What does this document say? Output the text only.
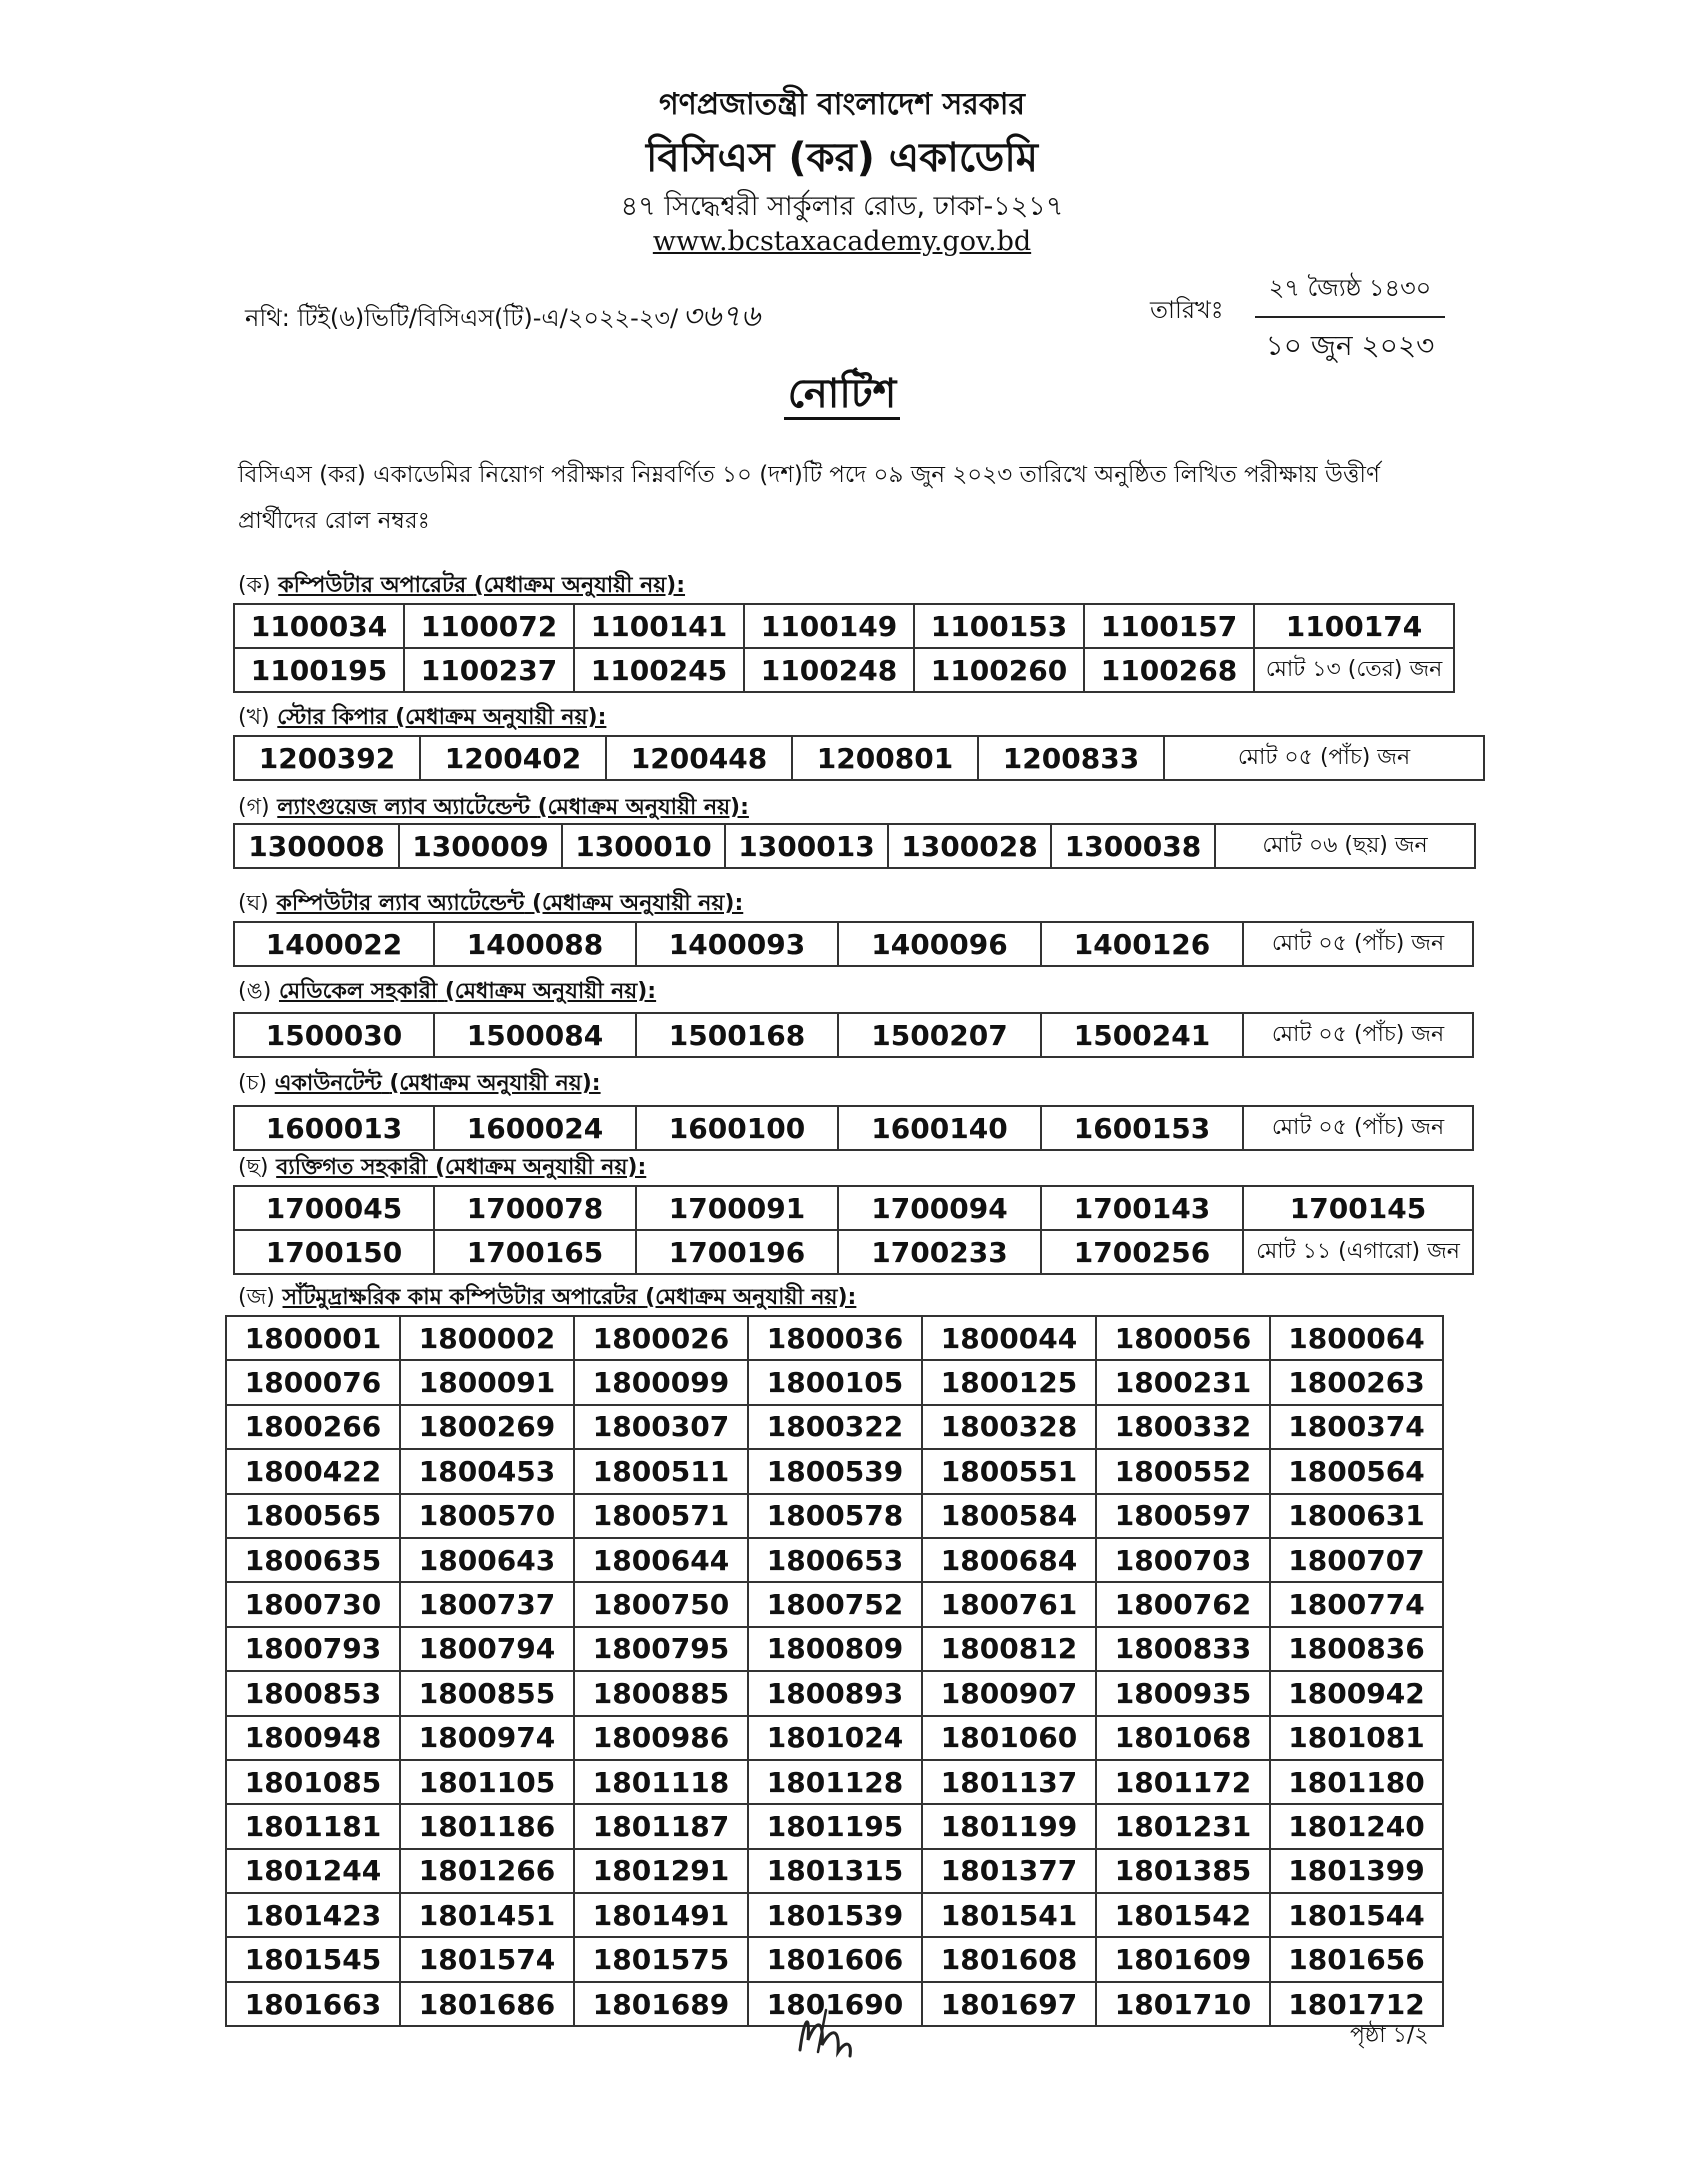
গণপ্রজাতন্ত্রী বাংলাদেশ সরকার
বিসিএস (কর) একাডেমি
৪৭ সিদ্ধেশ্বরী সার্কুলার রোড, ঢাকা-১২১৭
www.bcstaxacademy.gov.bd
নথি: টিই(৬)ভিটি/বিসিএস(টি)-এ/২০২২-২৩/ ৩৬৭৬	তারিখঃ
২৭ জ্যৈষ্ঠ ১৪৩০
১০ জুন ২০২৩
নোটিশ
বিসিএস (কর) একাডেমির নিয়োগ পরীক্ষার নিম্নবর্ণিত ১০ (দশ)টি পদে ০৯ জুন ২০২৩ তারিখে অনুষ্ঠিত লিখিত পরীক্ষায় উত্তীর্ণ প্রার্থীদের রোল নম্বরঃ
(ক) কম্পিউটার অপারেটর (মেধাক্রম অনুযায়ী নয়):
1100034	1100072	1100141	1100149	1100153	1100157	1100174
1100195	1100237	1100245	1100248	1100260	1100268	মোট ১৩ (তের) জন
(খ) স্টোর কিপার (মেধাক্রম অনুযায়ী নয়):
1200392	1200402	1200448	1200801	1200833	মোট ০৫ (পাঁচ) জন
(গ) ল্যাংগুয়েজ ল্যাব অ্যাটেন্ডেন্ট (মেধাক্রম অনুযায়ী নয়):
1300008	1300009	1300010	1300013	1300028	1300038	মোট ০৬ (ছয়) জন
(ঘ) কম্পিউটার ল্যাব অ্যাটেন্ডেন্ট (মেধাক্রম অনুযায়ী নয়):
1400022	1400088	1400093	1400096	1400126	মোট ০৫ (পাঁচ) জন
(ঙ) মেডিকেল সহকারী (মেধাক্রম অনুযায়ী নয়):
1500030	1500084	1500168	1500207	1500241	মোট ০৫ (পাঁচ) জন
(চ) একাউনটেন্ট (মেধাক্রম অনুযায়ী নয়):
1600013	1600024	1600100	1600140	1600153	মোট ০৫ (পাঁচ) জন
(ছ) ব্যক্তিগত সহকারী (মেধাক্রম অনুযায়ী নয়):
1700045	1700078	1700091	1700094	1700143	1700145
1700150	1700165	1700196	1700233	1700256	মোট ১১ (এগারো) জন
(জ) সাঁটমুদ্রাক্ষরিক কাম কম্পিউটার অপারেটর (মেধাক্রম অনুযায়ী নয়):
1800001	1800002	1800026	1800036	1800044	1800056	1800064
1800076	1800091	1800099	1800105	1800125	1800231	1800263
1800266	1800269	1800307	1800322	1800328	1800332	1800374
1800422	1800453	1800511	1800539	1800551	1800552	1800564
1800565	1800570	1800571	1800578	1800584	1800597	1800631
1800635	1800643	1800644	1800653	1800684	1800703	1800707
1800730	1800737	1800750	1800752	1800761	1800762	1800774
1800793	1800794	1800795	1800809	1800812	1800833	1800836
1800853	1800855	1800885	1800893	1800907	1800935	1800942
1800948	1800974	1800986	1801024	1801060	1801068	1801081
1801085	1801105	1801118	1801128	1801137	1801172	1801180
1801181	1801186	1801187	1801195	1801199	1801231	1801240
1801244	1801266	1801291	1801315	1801377	1801385	1801399
1801423	1801451	1801491	1801539	1801541	1801542	1801544
1801545	1801574	1801575	1801606	1801608	1801609	1801656
1801663	1801686	1801689	1801690	1801697	1801710	1801712
পৃষ্ঠা ১/২
